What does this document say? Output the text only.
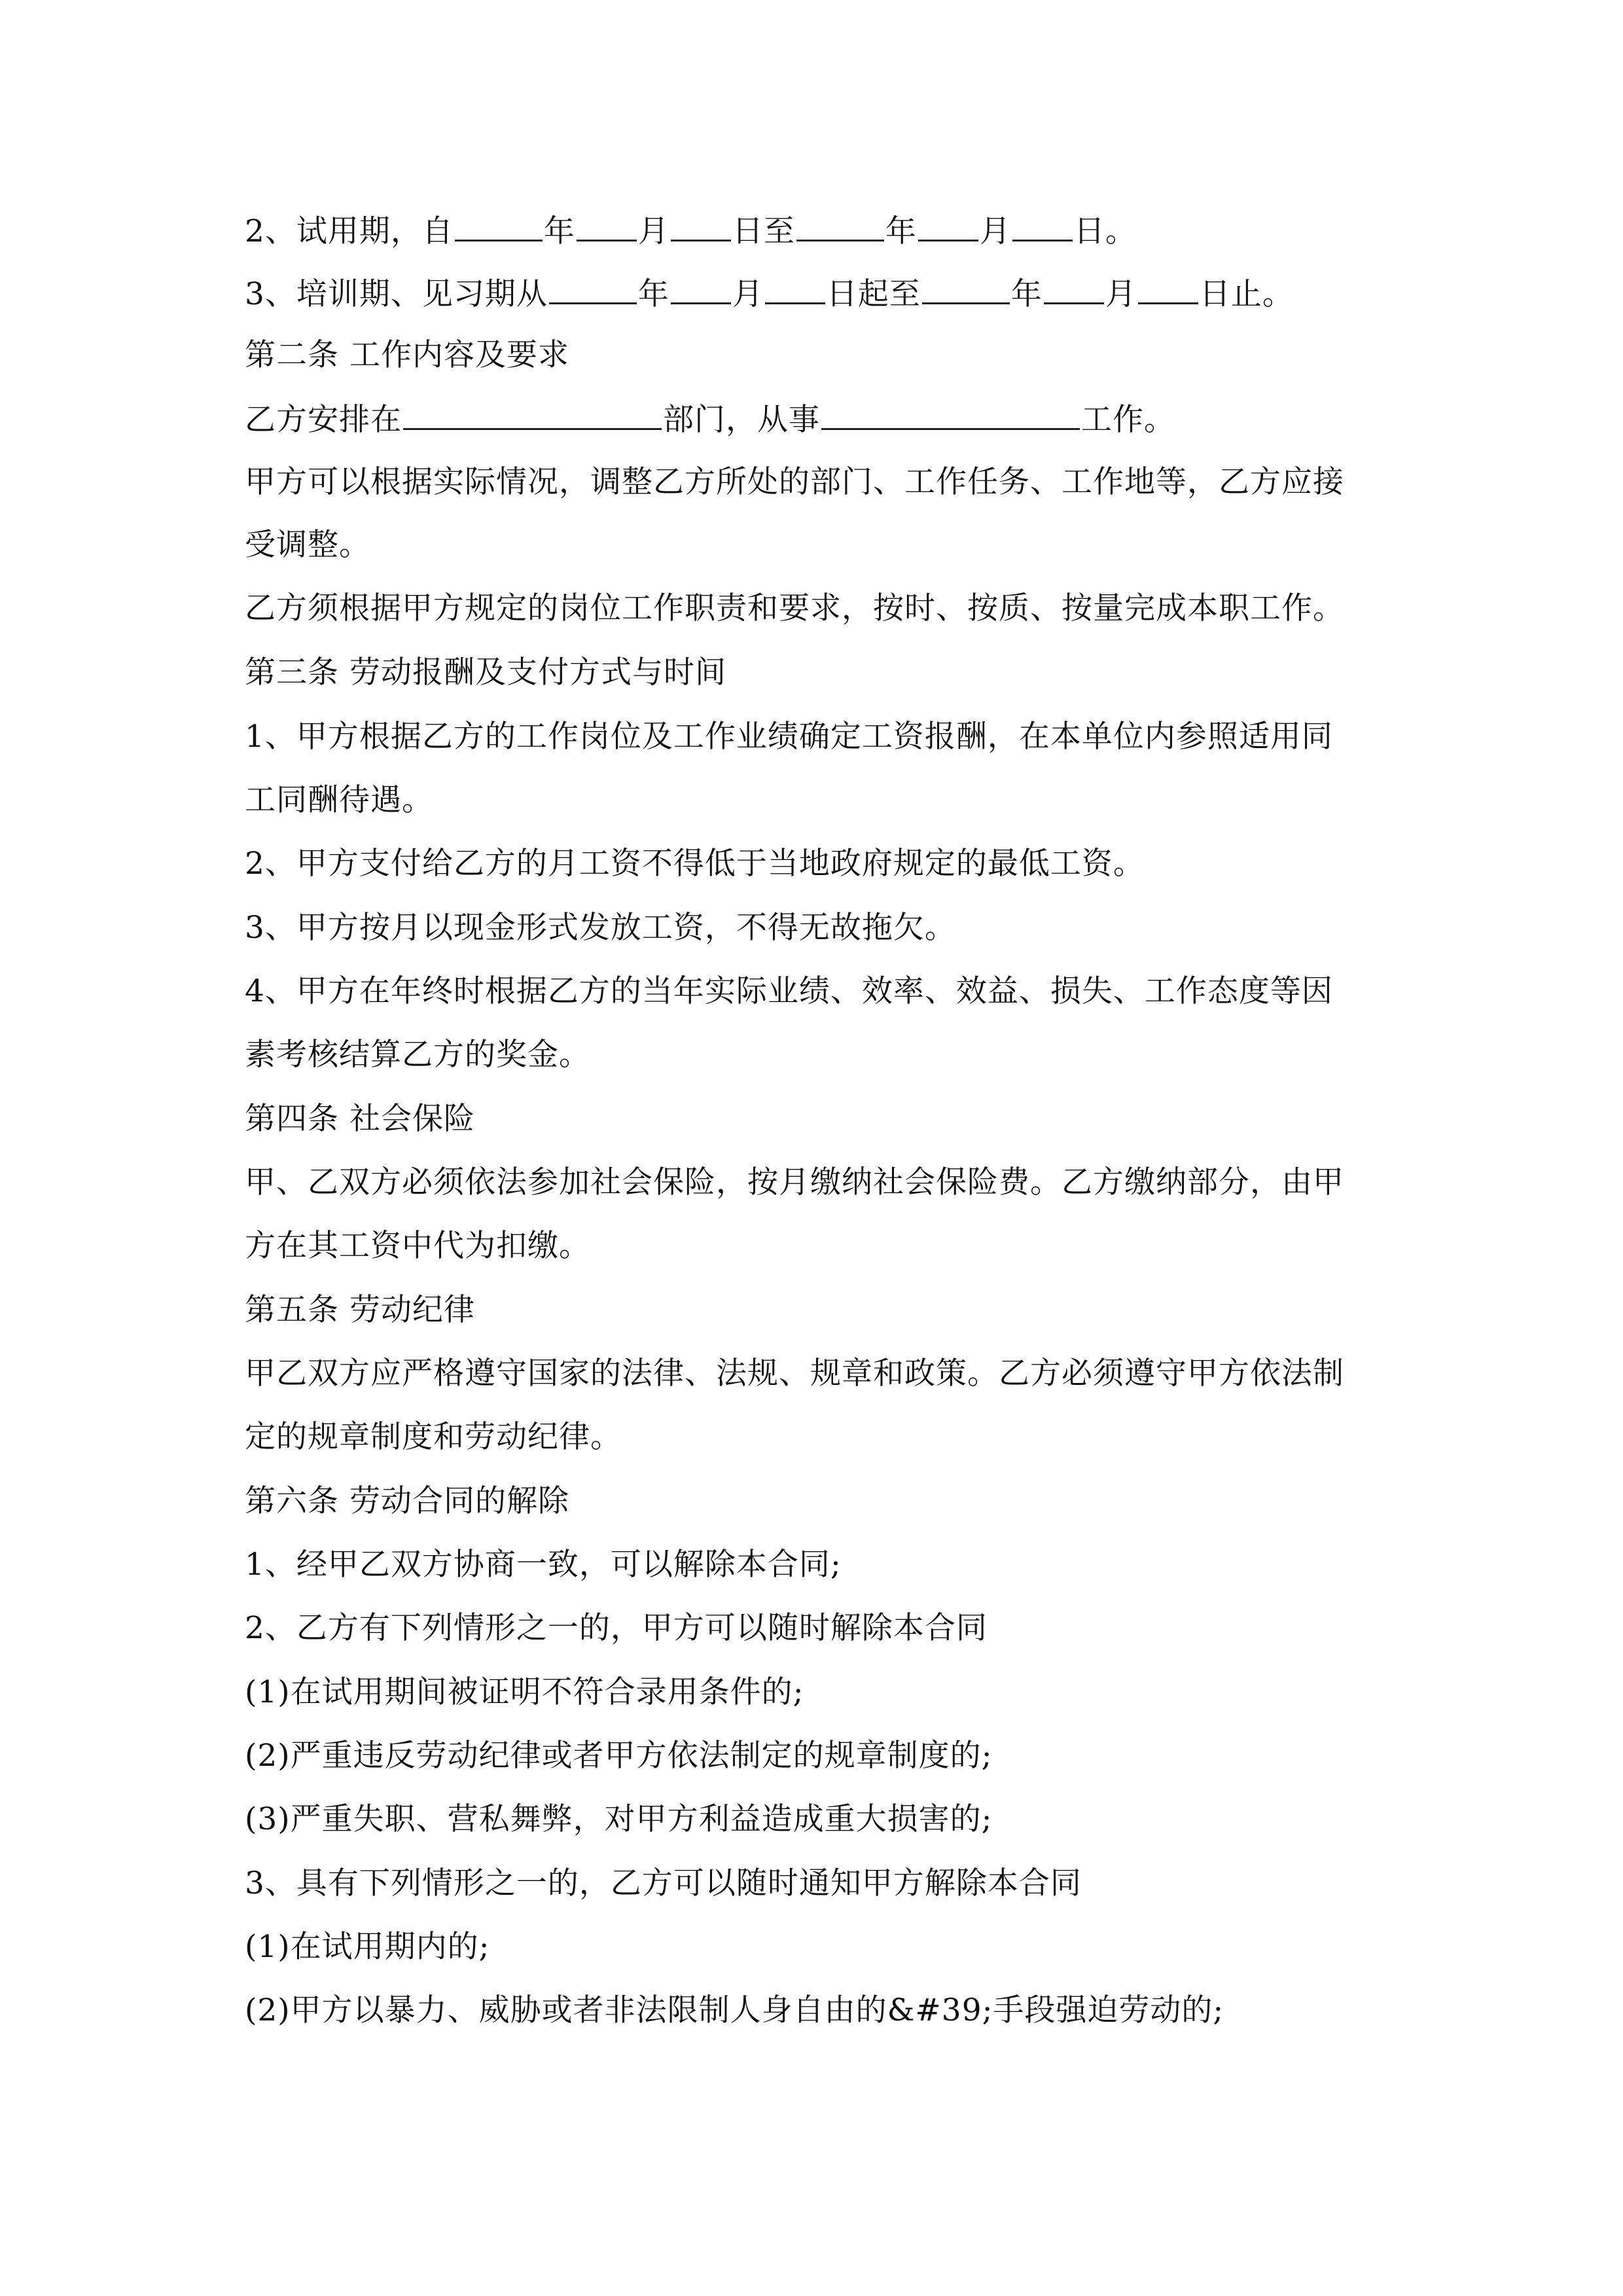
2、试用期，自	年 月 日至	年 月 日。
3、培训期、见习期从	年 月 日起至	年 月 日止。
第二条 工作内容及要求
乙方安排在	部门，从事	工作。
甲方可以根据实际情况，调整乙方所处的部门、工作任务、工作地等，乙方应接
受调整。
乙方须根据甲方规定的岗位工作职责和要求，按时、按质、按量完成本职工作。
第三条 劳动报酬及支付方式与时间
1、甲方根据乙方的工作岗位及工作业绩确定工资报酬，在本单位内参照适用同
工同酬待遇。
2、甲方支付给乙方的月工资不得低于当地政府规定的最低工资。
3、甲方按月以现金形式发放工资，不得无故拖欠。
4、甲方在年终时根据乙方的当年实际业绩、效率、效益、损失、工作态度等因
素考核结算乙方的奖金。
第四条 社会保险
甲、乙双方必须依法参加社会保险，按月缴纳社会保险费。乙方缴纳部分，由甲
方在其工资中代为扣缴。
第五条 劳动纪律
甲乙双方应严格遵守国家的法律、法规、规章和政策。乙方必须遵守甲方依法制
定的规章制度和劳动纪律。
第六条 劳动合同的解除
1、经甲乙双方协商一致，可以解除本合同;
2、乙方有下列情形之一的，甲方可以随时解除本合同
(1)在试用期间被证明不符合录用条件的;
(2)严重违反劳动纪律或者甲方依法制定的规章制度的;
(3)严重失职、营私舞弊，对甲方利益造成重大损害的;
3、具有下列情形之一的，乙方可以随时通知甲方解除本合同
(1)在试用期内的;
(2)甲方以暴力、威胁或者非法限制人身自由的&#39;手段强迫劳动的;
